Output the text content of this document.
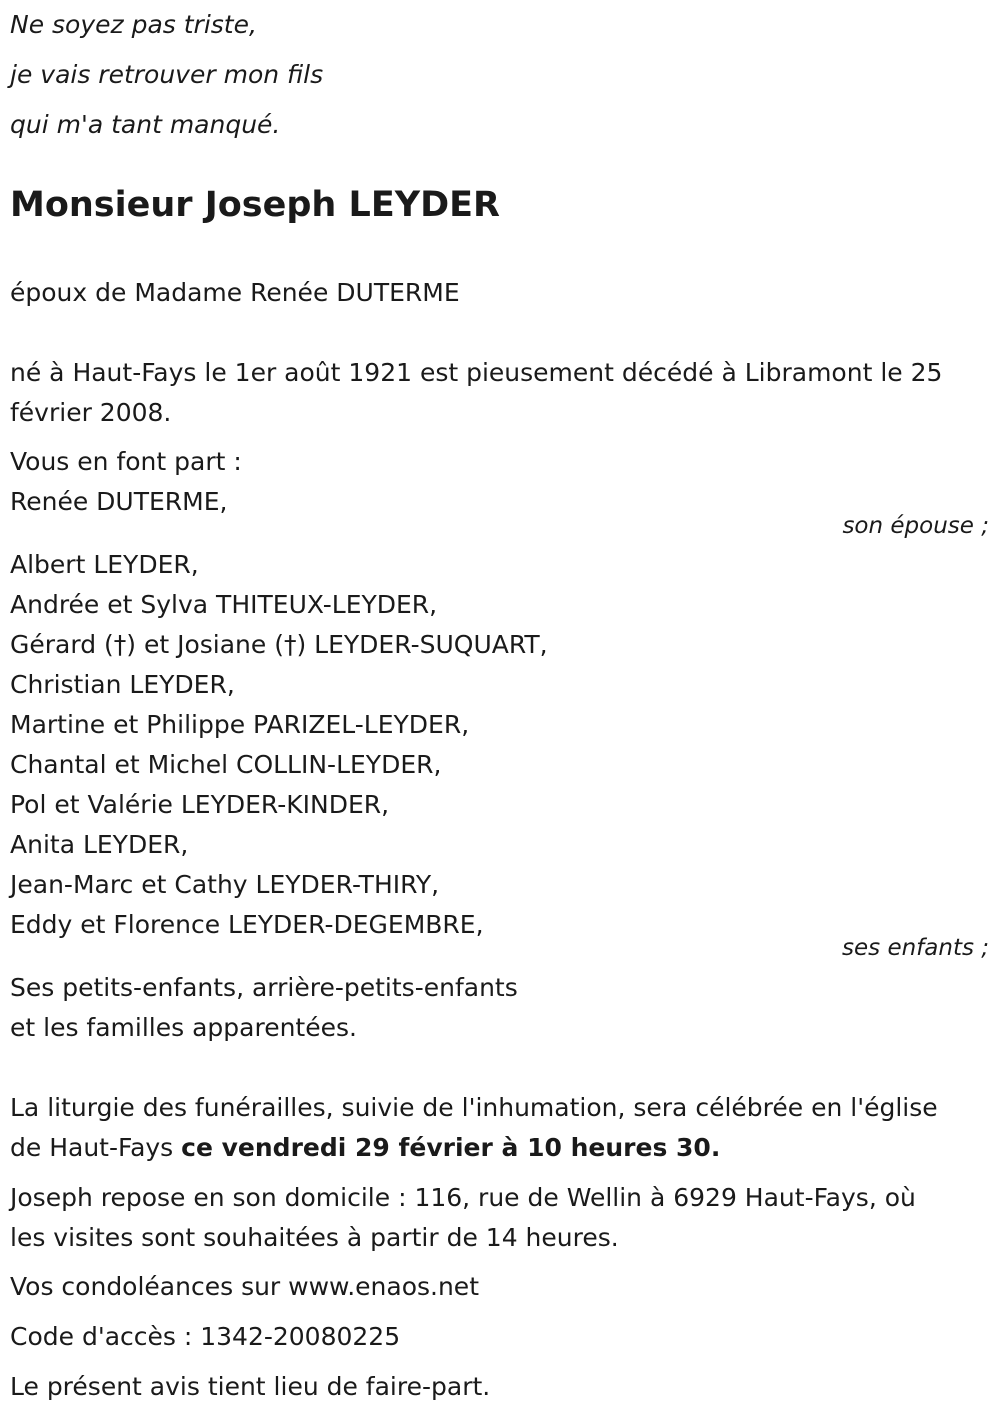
Ne soyez pas triste,
je vais retrouver mon fils
qui m'a tant manqué.
Monsieur Joseph LEYDER
époux de Madame Renée DUTERME
né à Haut-Fays le 1er août 1921 est pieusement décédé à Libramont le 25
février 2008.
Vous en font part :
Renée DUTERME,
son épouse ;
Albert LEYDER,
Andrée et Sylva THITEUX-LEYDER,
Gérard (†) et Josiane (†) LEYDER-SUQUART,
Christian LEYDER,
Martine et Philippe PARIZEL-LEYDER,
Chantal et Michel COLLIN-LEYDER,
Pol et Valérie LEYDER-KINDER,
Anita LEYDER,
Jean-Marc et Cathy LEYDER-THIRY,
Eddy et Florence LEYDER-DEGEMBRE,
ses enfants ;
Ses petits-enfants, arrière-petits-enfants
et les familles apparentées.
La liturgie des funérailles, suivie de l'inhumation, sera célébrée en l'église
de Haut-Fays ce vendredi 29 février à 10 heures 30.
Joseph repose en son domicile : 116, rue de Wellin à 6929 Haut-Fays, où
les visites sont souhaitées à partir de 14 heures.
Vos condoléances sur www.enaos.net
Code d'accès : 1342-20080225
Le présent avis tient lieu de faire-part.
